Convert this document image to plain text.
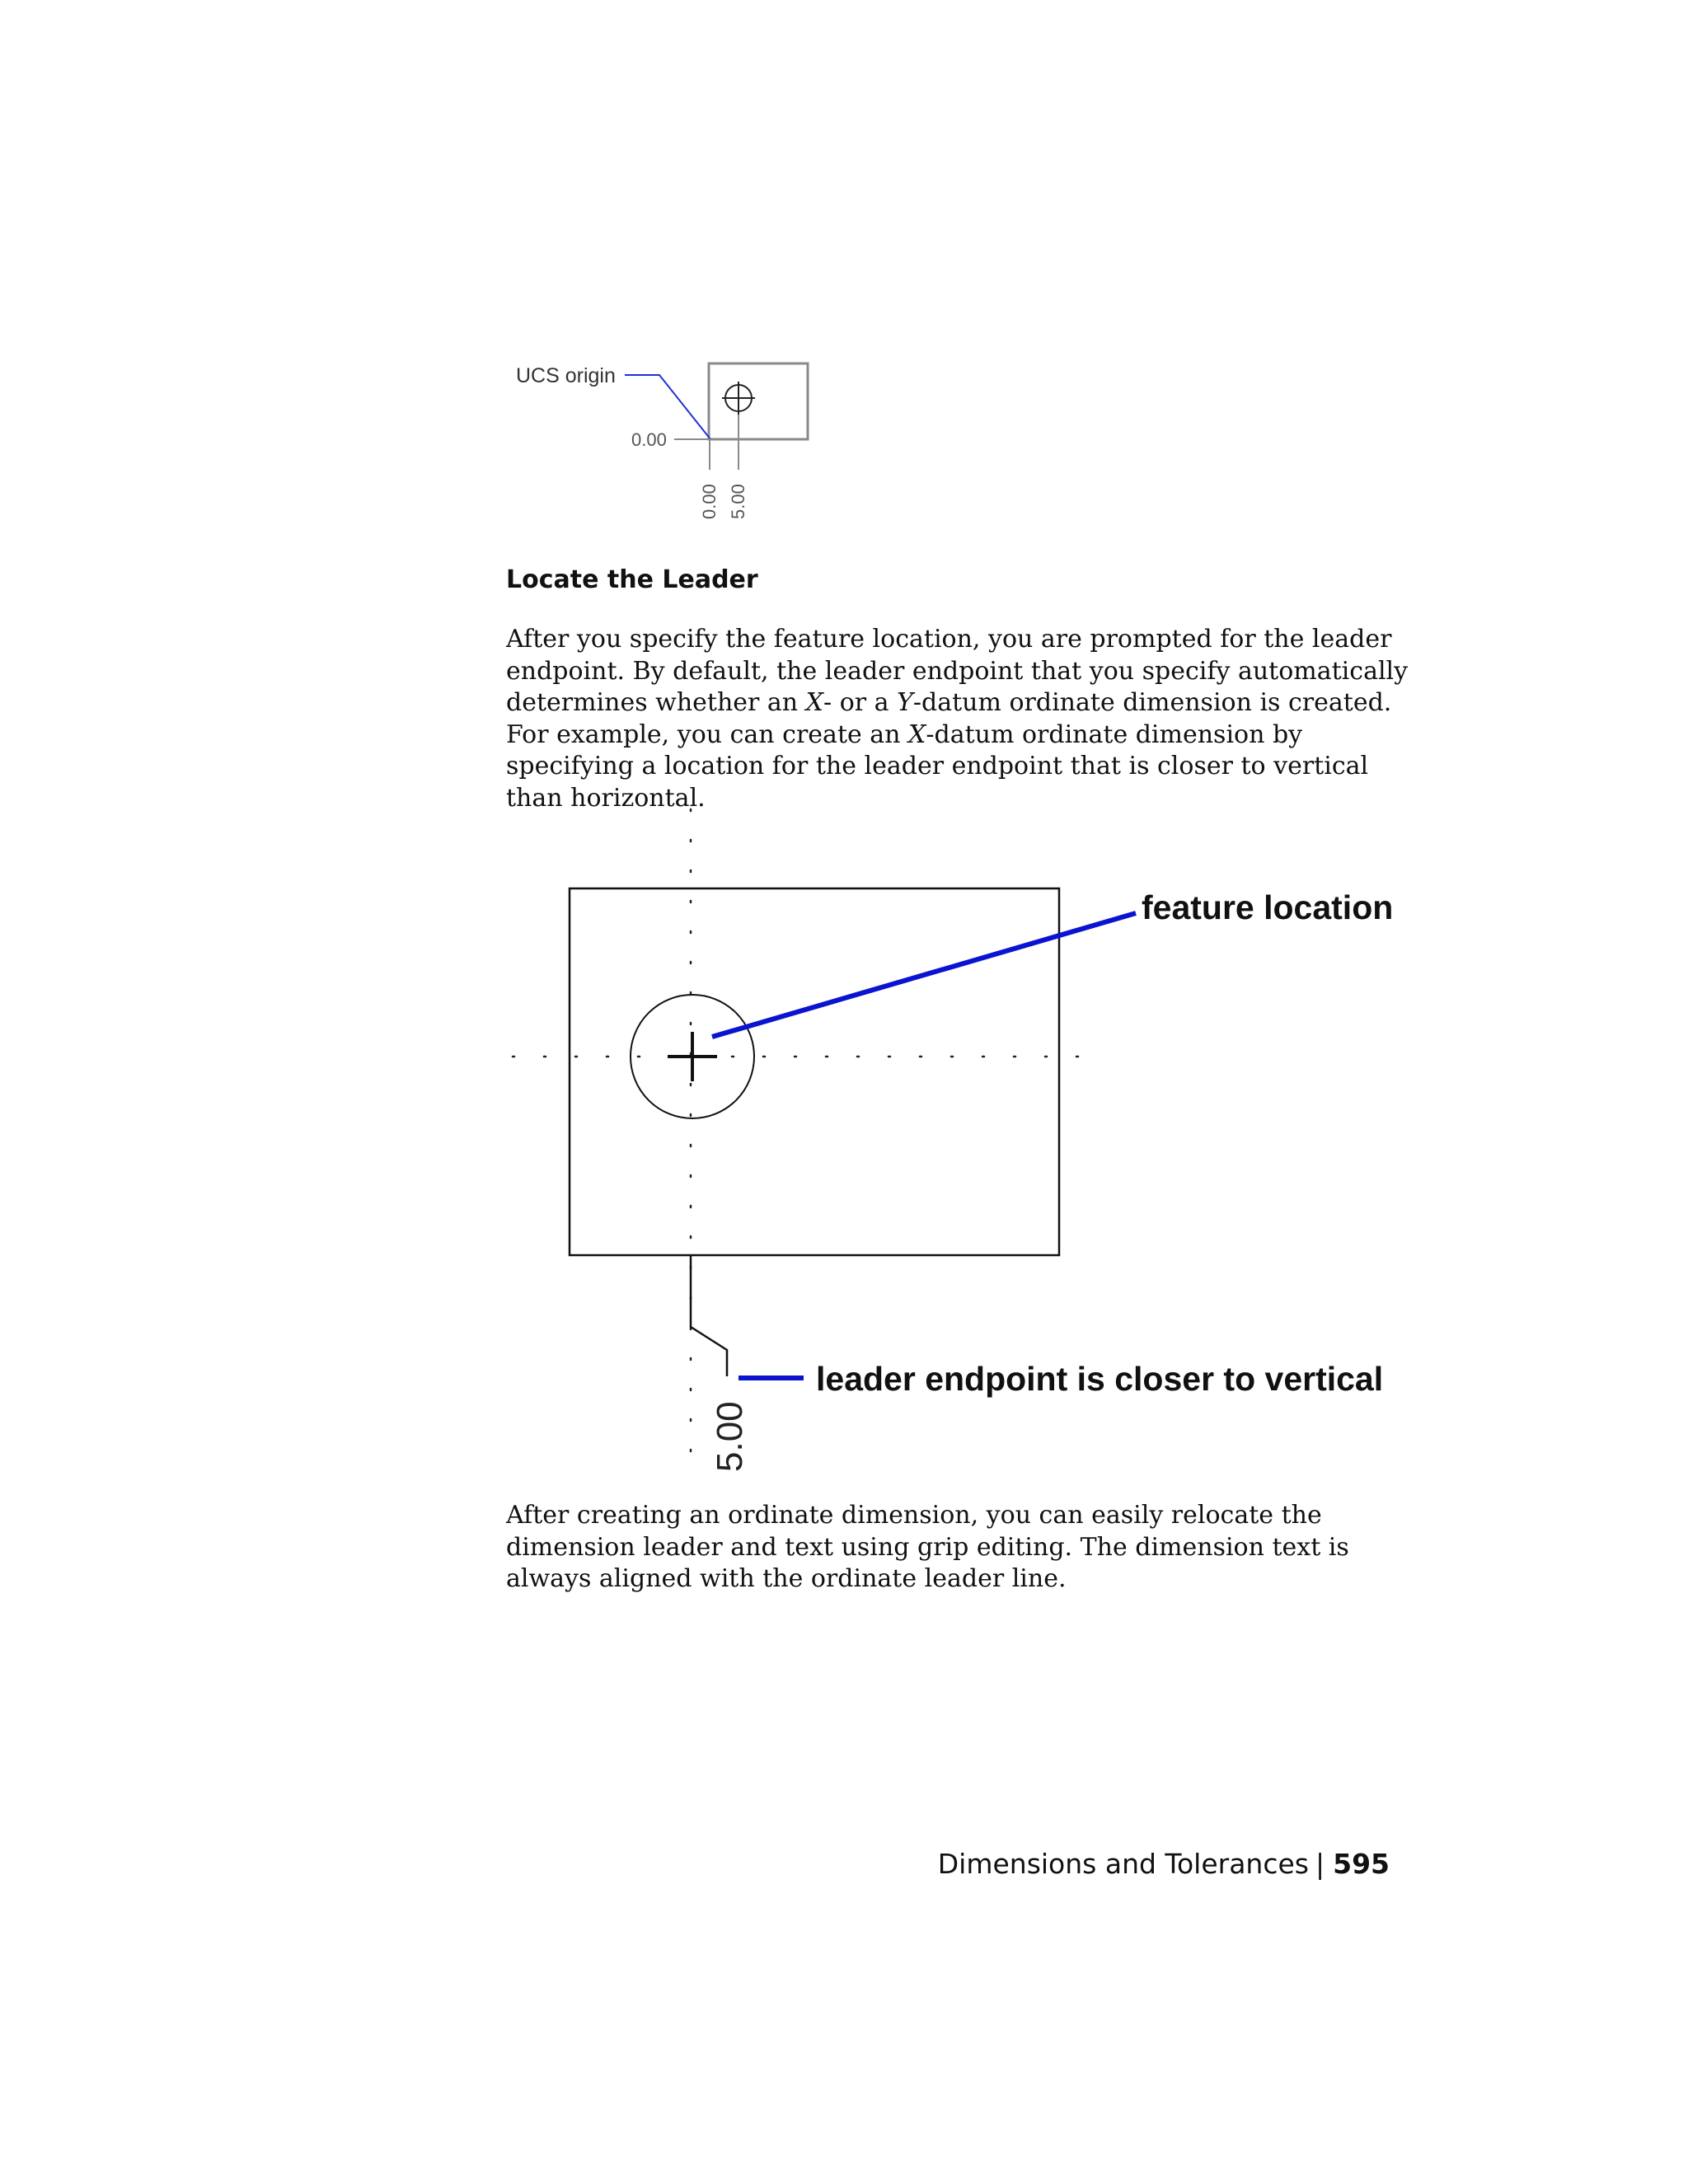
UCS origin
0.00
0.00 5.00
Locate the Leader

After you specify the feature location, you are prompted for the leader endpoint. By default, the leader endpoint that you specify automatically determines whether an X- or a Y-datum ordinate dimension is created. For example, you can create an X-datum ordinate dimension by specifying a location for the leader endpoint that is closer to vertical than horizontal.

feature location
leader endpoint is closer to vertical
5.00

After creating an ordinate dimension, you can easily relocate the dimension leader and text using grip editing. The dimension text is always aligned with the ordinate leader line.

Dimensions and Tolerances | 595
